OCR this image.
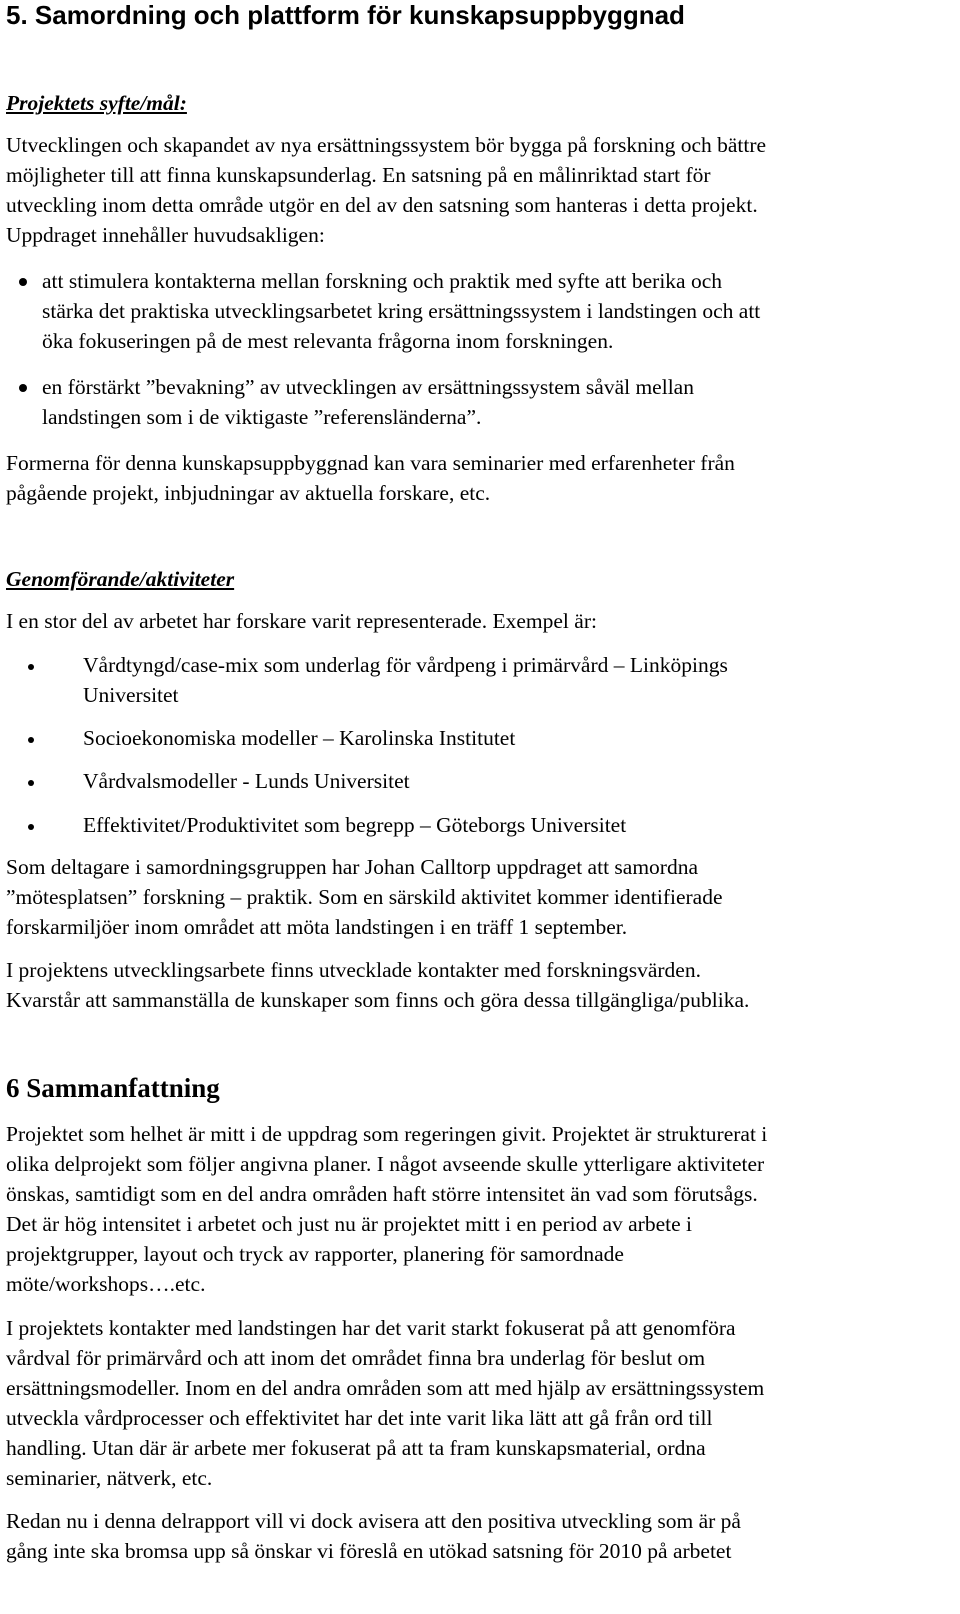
5. Samordning och plattform för kunskapsuppbyggnad
Projektets syfte/mål:
Utvecklingen och skapandet av nya ersättningssystem bör bygga på forskning och bättre
möjligheter till att finna kunskapsunderlag. En satsning på en målinriktad start för
utveckling inom detta område utgör en del av den satsning som hanteras i detta projekt.
Uppdraget innehåller huvudsakligen:
att stimulera kontakterna mellan forskning och praktik med syfte att berika och
stärka det praktiska utvecklingsarbetet kring ersättningssystem i landstingen och att
öka fokuseringen på de mest relevanta frågorna inom forskningen.
en förstärkt ”bevakning” av utvecklingen av ersättningssystem såväl mellan
landstingen som i de viktigaste ”referensländerna”.
Formerna för denna kunskapsuppbyggnad kan vara seminarier med erfarenheter från
pågående projekt, inbjudningar av aktuella forskare, etc.
Genomförande/aktiviteter
I en stor del av arbetet har forskare varit representerade. Exempel är:
Vårdtyngd/case-mix som underlag för vårdpeng i primärvård – Linköpings
Universitet
Socioekonomiska modeller – Karolinska Institutet
Vårdvalsmodeller - Lunds Universitet
Effektivitet/Produktivitet som begrepp – Göteborgs Universitet
Som deltagare i samordningsgruppen har Johan Calltorp uppdraget att samordna
”mötesplatsen” forskning – praktik. Som en särskild aktivitet kommer identifierade
forskarmiljöer inom området att möta landstingen i en träff 1 september.
I projektens utvecklingsarbete finns utvecklade kontakter med forskningsvärden.
Kvarstår att sammanställa de kunskaper som finns och göra dessa tillgängliga/publika.
6 Sammanfattning
Projektet som helhet är mitt i de uppdrag som regeringen givit. Projektet är strukturerat i
olika delprojekt som följer angivna planer. I något avseende skulle ytterligare aktiviteter
önskas, samtidigt som en del andra områden haft större intensitet än vad som förutsågs.
Det är hög intensitet i arbetet och just nu är projektet mitt i en period av arbete i
projektgrupper, layout och tryck av rapporter, planering för samordnade
möte/workshops….etc.
I projektets kontakter med landstingen har det varit starkt fokuserat på att genomföra
vårdval för primärvård och att inom det området finna bra underlag för beslut om
ersättningsmodeller. Inom en del andra områden som att med hjälp av ersättningssystem
utveckla vårdprocesser och effektivitet har det inte varit lika lätt att gå från ord till
handling. Utan där är arbete mer fokuserat på att ta fram kunskapsmaterial, ordna
seminarier, nätverk, etc.
Redan nu i denna delrapport vill vi dock avisera att den positiva utveckling som är på
gång inte ska bromsa upp så önskar vi föreslå en utökad satsning för 2010 på arbetet
